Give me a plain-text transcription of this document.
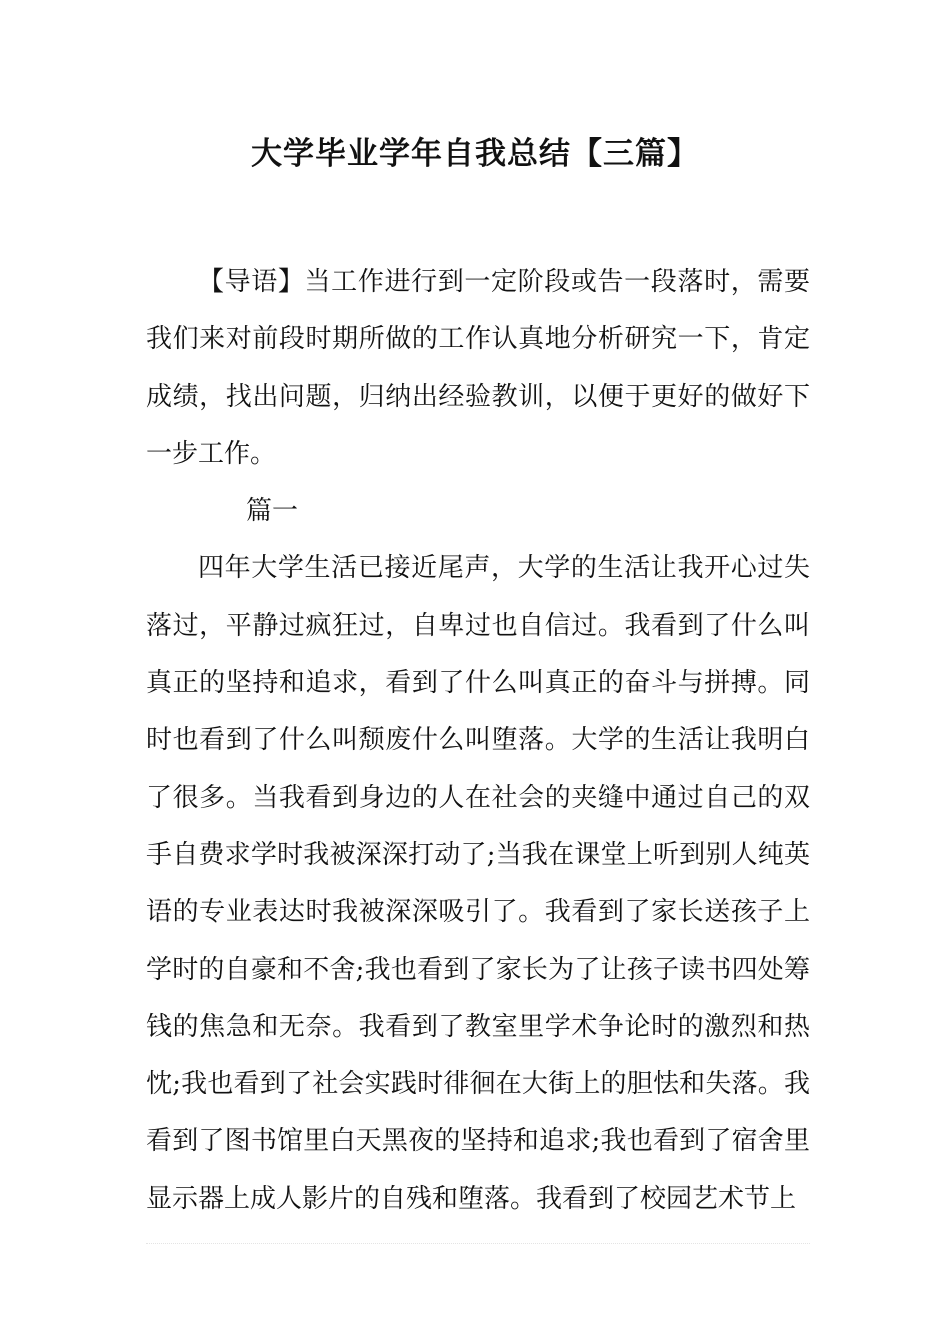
大学毕业学年自我总结【三篇】

【导语】当工作进行到一定阶段或告一段落时，需要我们来对前段时期所做的工作认真地分析研究一下，肯定成绩，找出问题，归纳出经验教训，以便于更好的做好下一步工作。

篇一

四年大学生活已接近尾声，大学的生活让我开心过失落过，平静过疯狂过，自卑过也自信过。我看到了什么叫真正的坚持和追求，看到了什么叫真正的奋斗与拼搏。同时也看到了什么叫颓废什么叫堕落。大学的生活让我明白了很多。当我看到身边的人在社会的夹缝中通过自己的双手自费求学时我被深深打动了;当我在课堂上听到别人纯英语的专业表达时我被深深吸引了。我看到了家长送孩子上学时的自豪和不舍;我也看到了家长为了让孩子读书四处筹钱的焦急和无奈。我看到了教室里学术争论时的激烈和热忱;我也看到了社会实践时徘徊在大街上的胆怯和失落。我看到了图书馆里白天黑夜的坚持和追求;我也看到了宿舍里显示器上成人影片的自残和堕落。我看到了校园艺术节上
